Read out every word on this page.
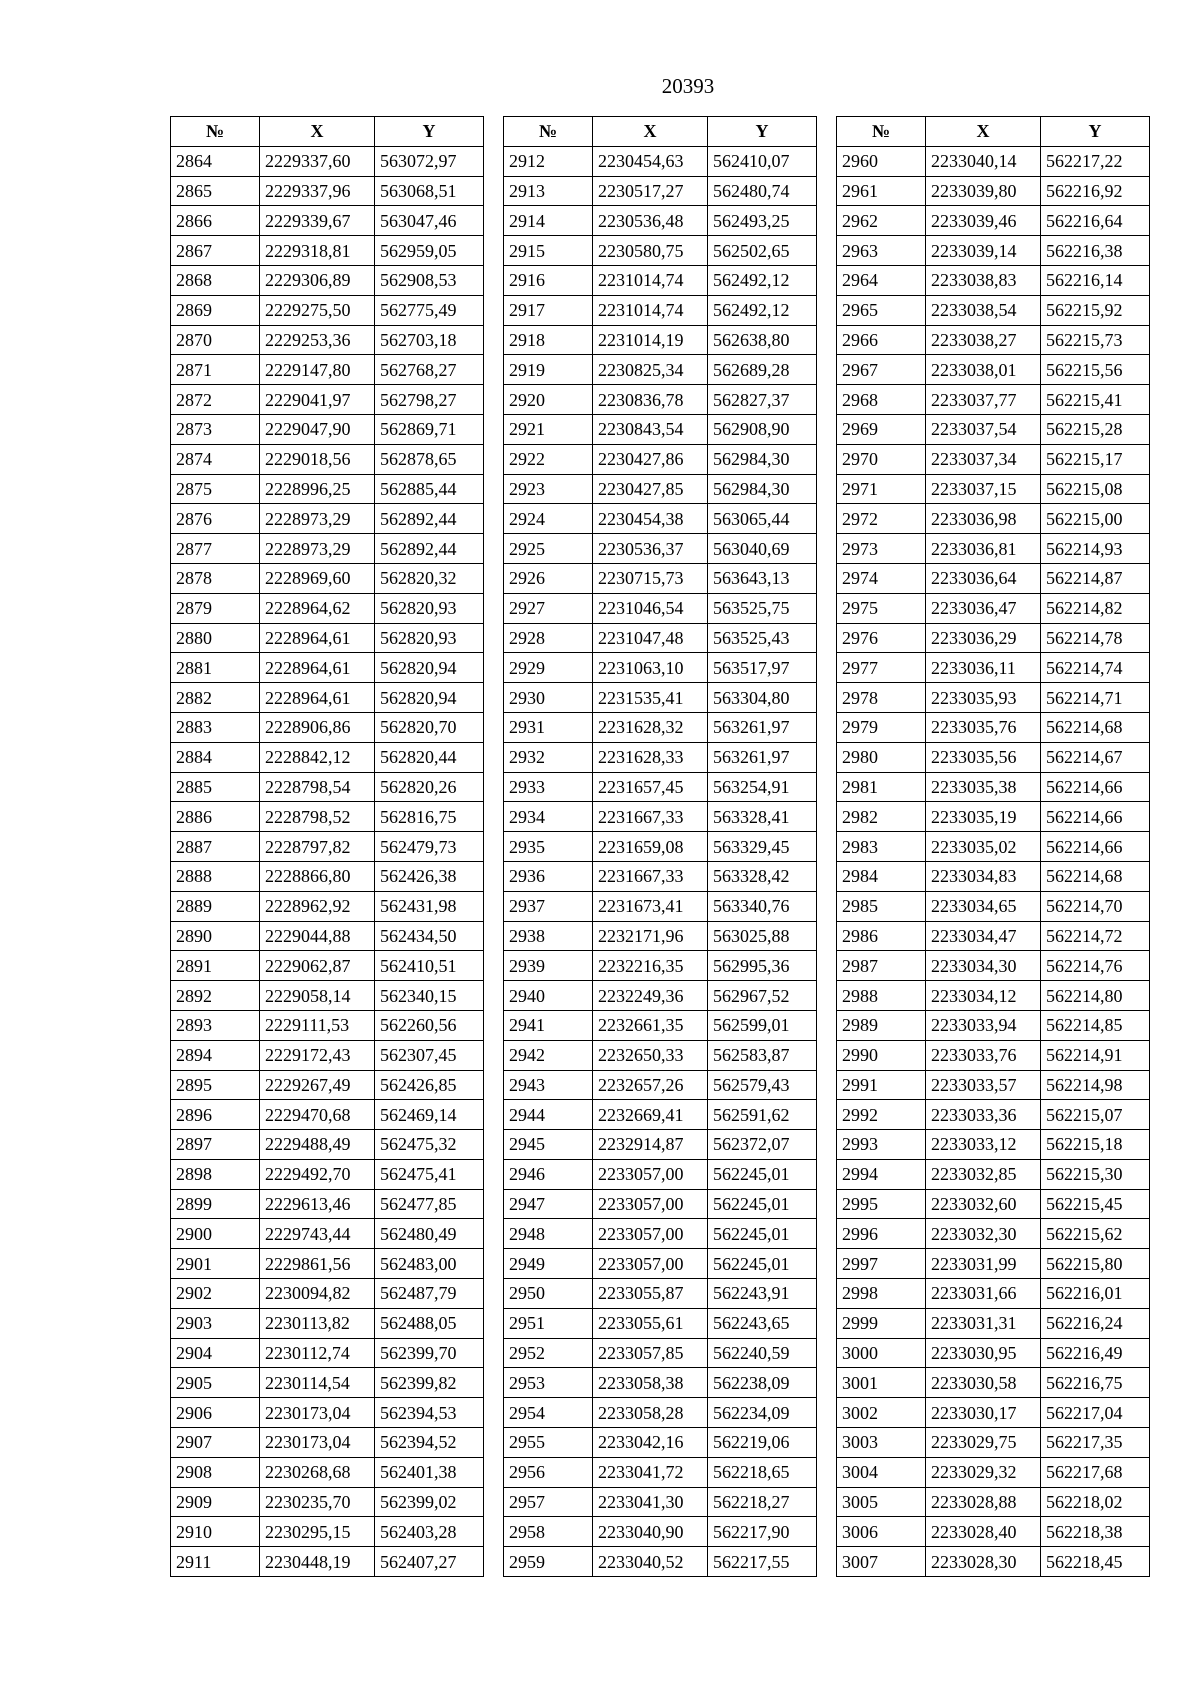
20393
№	X	Y
2864	2229337,60	563072,97
2865	2229337,96	563068,51
2866	2229339,67	563047,46
2867	2229318,81	562959,05
2868	2229306,89	562908,53
2869	2229275,50	562775,49
2870	2229253,36	562703,18
2871	2229147,80	562768,27
2872	2229041,97	562798,27
2873	2229047,90	562869,71
2874	2229018,56	562878,65
2875	2228996,25	562885,44
2876	2228973,29	562892,44
2877	2228973,29	562892,44
2878	2228969,60	562820,32
2879	2228964,62	562820,93
2880	2228964,61	562820,93
2881	2228964,61	562820,94
2882	2228964,61	562820,94
2883	2228906,86	562820,70
2884	2228842,12	562820,44
2885	2228798,54	562820,26
2886	2228798,52	562816,75
2887	2228797,82	562479,73
2888	2228866,80	562426,38
2889	2228962,92	562431,98
2890	2229044,88	562434,50
2891	2229062,87	562410,51
2892	2229058,14	562340,15
2893	2229111,53	562260,56
2894	2229172,43	562307,45
2895	2229267,49	562426,85
2896	2229470,68	562469,14
2897	2229488,49	562475,32
2898	2229492,70	562475,41
2899	2229613,46	562477,85
2900	2229743,44	562480,49
2901	2229861,56	562483,00
2902	2230094,82	562487,79
2903	2230113,82	562488,05
2904	2230112,74	562399,70
2905	2230114,54	562399,82
2906	2230173,04	562394,53
2907	2230173,04	562394,52
2908	2230268,68	562401,38
2909	2230235,70	562399,02
2910	2230295,15	562403,28
2911	2230448,19	562407,27
№	X	Y
2912	2230454,63	562410,07
2913	2230517,27	562480,74
2914	2230536,48	562493,25
2915	2230580,75	562502,65
2916	2231014,74	562492,12
2917	2231014,74	562492,12
2918	2231014,19	562638,80
2919	2230825,34	562689,28
2920	2230836,78	562827,37
2921	2230843,54	562908,90
2922	2230427,86	562984,30
2923	2230427,85	562984,30
2924	2230454,38	563065,44
2925	2230536,37	563040,69
2926	2230715,73	563643,13
2927	2231046,54	563525,75
2928	2231047,48	563525,43
2929	2231063,10	563517,97
2930	2231535,41	563304,80
2931	2231628,32	563261,97
2932	2231628,33	563261,97
2933	2231657,45	563254,91
2934	2231667,33	563328,41
2935	2231659,08	563329,45
2936	2231667,33	563328,42
2937	2231673,41	563340,76
2938	2232171,96	563025,88
2939	2232216,35	562995,36
2940	2232249,36	562967,52
2941	2232661,35	562599,01
2942	2232650,33	562583,87
2943	2232657,26	562579,43
2944	2232669,41	562591,62
2945	2232914,87	562372,07
2946	2233057,00	562245,01
2947	2233057,00	562245,01
2948	2233057,00	562245,01
2949	2233057,00	562245,01
2950	2233055,87	562243,91
2951	2233055,61	562243,65
2952	2233057,85	562240,59
2953	2233058,38	562238,09
2954	2233058,28	562234,09
2955	2233042,16	562219,06
2956	2233041,72	562218,65
2957	2233041,30	562218,27
2958	2233040,90	562217,90
2959	2233040,52	562217,55
№	X	Y
2960	2233040,14	562217,22
2961	2233039,80	562216,92
2962	2233039,46	562216,64
2963	2233039,14	562216,38
2964	2233038,83	562216,14
2965	2233038,54	562215,92
2966	2233038,27	562215,73
2967	2233038,01	562215,56
2968	2233037,77	562215,41
2969	2233037,54	562215,28
2970	2233037,34	562215,17
2971	2233037,15	562215,08
2972	2233036,98	562215,00
2973	2233036,81	562214,93
2974	2233036,64	562214,87
2975	2233036,47	562214,82
2976	2233036,29	562214,78
2977	2233036,11	562214,74
2978	2233035,93	562214,71
2979	2233035,76	562214,68
2980	2233035,56	562214,67
2981	2233035,38	562214,66
2982	2233035,19	562214,66
2983	2233035,02	562214,66
2984	2233034,83	562214,68
2985	2233034,65	562214,70
2986	2233034,47	562214,72
2987	2233034,30	562214,76
2988	2233034,12	562214,80
2989	2233033,94	562214,85
2990	2233033,76	562214,91
2991	2233033,57	562214,98
2992	2233033,36	562215,07
2993	2233033,12	562215,18
2994	2233032,85	562215,30
2995	2233032,60	562215,45
2996	2233032,30	562215,62
2997	2233031,99	562215,80
2998	2233031,66	562216,01
2999	2233031,31	562216,24
3000	2233030,95	562216,49
3001	2233030,58	562216,75
3002	2233030,17	562217,04
3003	2233029,75	562217,35
3004	2233029,32	562217,68
3005	2233028,88	562218,02
3006	2233028,40	562218,38
3007	2233028,30	562218,45
